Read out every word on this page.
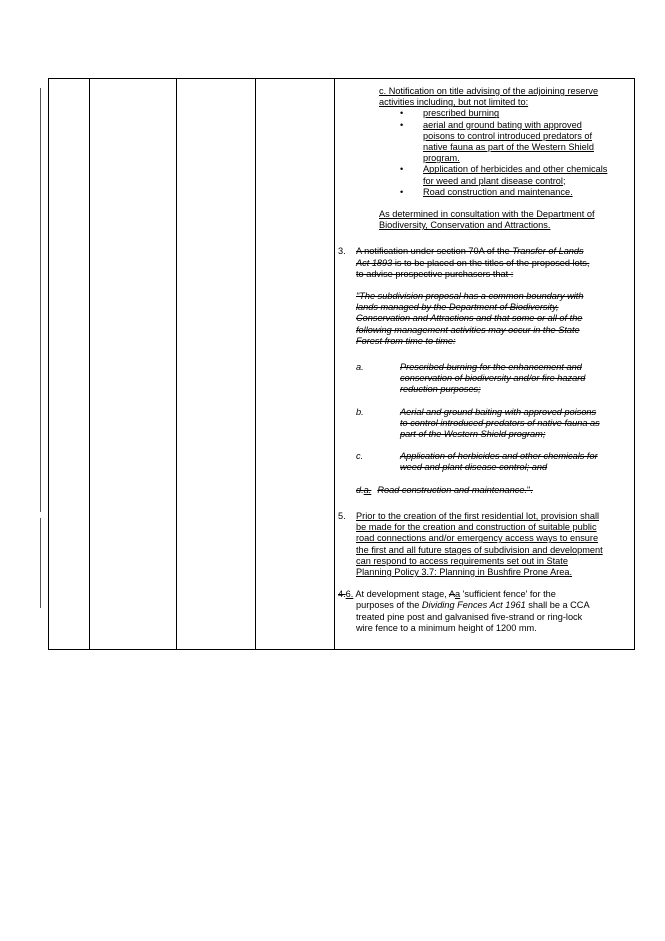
c. Notification on title advising of the adjoining reserve

activities including, but not limited to:

• prescribed burning

• aerial and ground bating with approved

poisons to control introduced predators of

native fauna as part of the Western Shield

program.

• Application of herbicides and other chemicals

for weed and plant disease control;

• Road construction and maintenance.

As determined in consultation with the Department of

Biodiversity, Conservation and Attractions.

3. A notification under section 70A of the Transfer of Lands

Act 1893 is to be placed on the titles of the proposed lots,

to advise prospective purchasers that :

"The subdivision proposal has a common boundary with

lands managed by the Department of Biodiversity,

Conservation and Attractions and that some or all of the

following management activities may occur in the State

Forest from time to time:

a.	Prescribed burning for the enhancement and

conservation of biodiversity and/or fire hazard

reduction purposes;

b.	Aerial and ground baiting with approved poisons

to control introduced predators of native fauna as

part of the Western Shield program;

c.	Application of herbicides and other chemicals for

weed and plant disease control; and

d.a. Road construction and maintenance.".

5. Prior to the creation of the first residential lot, provision shall

be made for the creation and construction of suitable public

road connections and/or emergency access ways to ensure

the first and all future stages of subdivision and development

can respond to access requirements set out in State

Planning Policy 3.7: Planning in Bushfire Prone Area.

4.6. At development stage, Aa 'sufficient fence' for the

purposes of the Dividing Fences Act 1961 shall be a CCA

treated pine post and galvanised five-strand or ring-lock

wire fence to a minimum height of 1200 mm.
